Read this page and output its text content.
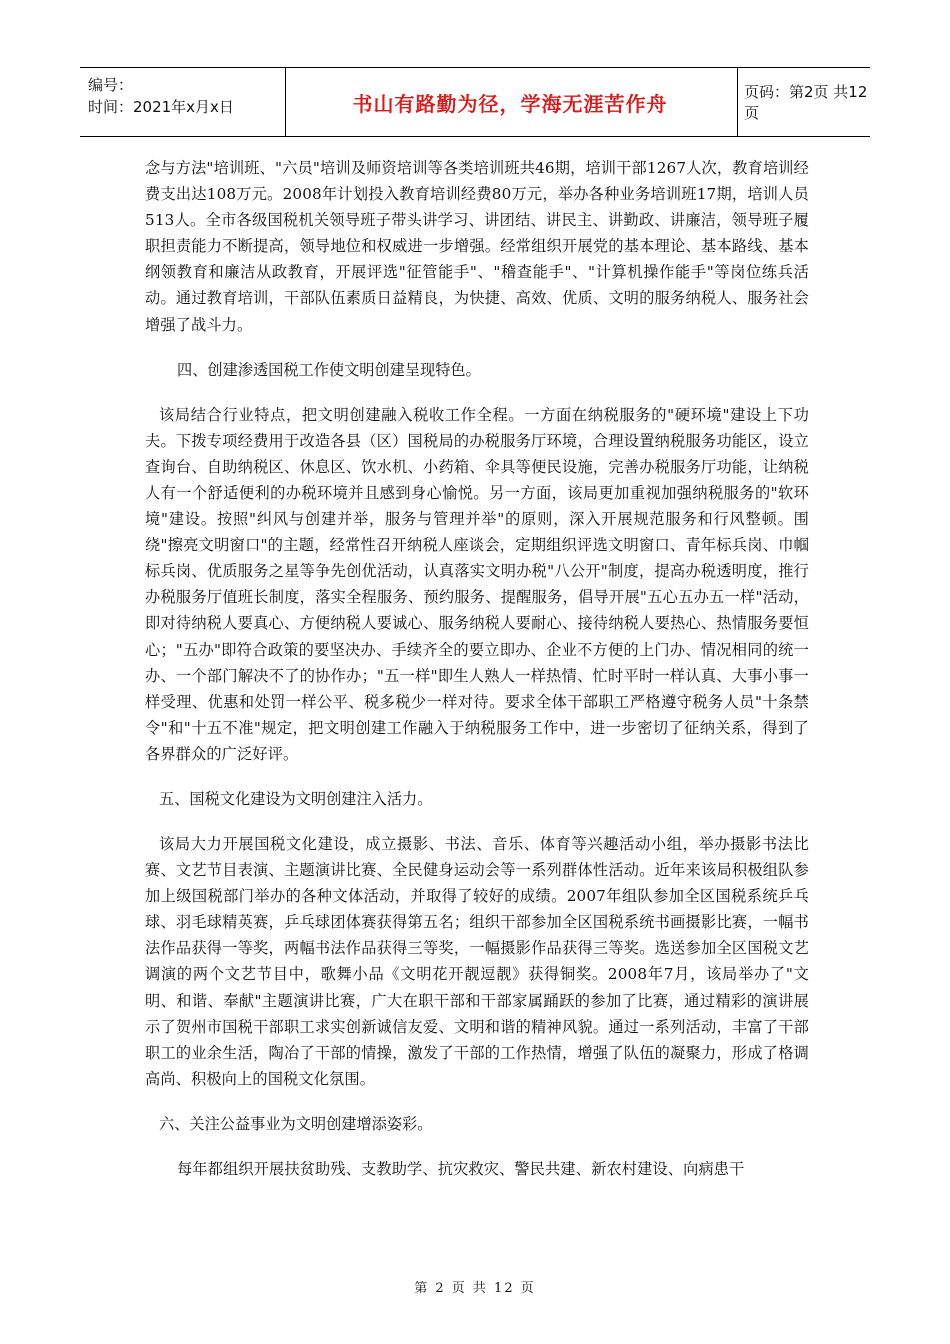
编号：
时间：2021年x月x日	书山有路勤为径，学海无涯苦作舟	页码：第2页 共12页

念与方法"培训班、"六员"培训及师资培训等各类培训班共46期，培训干部1267人次，教育培训经费支出达108万元。2008年计划投入教育培训经费80万元，举办各种业务培训班17期，培训人员513人。全市各级国税机关领导班子带头讲学习、讲团结、讲民主、讲勤政、讲廉洁，领导班子履职担责能力不断提高，领导地位和权威进一步增强。经常组织开展党的基本理论、基本路线、基本纲领教育和廉洁从政教育，开展评选"征管能手"、"稽查能手"、"计算机操作能手"等岗位练兵活动。通过教育培训，干部队伍素质日益精良，为快捷、高效、优质、文明的服务纳税人、服务社会增强了战斗力。

四、创建渗透国税工作使文明创建呈现特色。

该局结合行业特点，把文明创建融入税收工作全程。一方面在纳税服务的"硬环境"建设上下功夫。下拨专项经费用于改造各县（区）国税局的办税服务厅环境，合理设置纳税服务功能区，设立查询台、自助纳税区、休息区、饮水机、小药箱、伞具等便民设施，完善办税服务厅功能，让纳税人有一个舒适便利的办税环境并且感到身心愉悦。另一方面，该局更加重视加强纳税服务的"软环境"建设。按照"纠风与创建并举，服务与管理并举"的原则，深入开展规范服务和行风整顿。围绕"擦亮文明窗口"的主题，经常性召开纳税人座谈会，定期组织评选文明窗口、青年标兵岗、巾帼标兵岗、优质服务之星等争先创优活动，认真落实文明办税"八公开"制度，提高办税透明度，推行办税服务厅值班长制度，落实全程服务、预约服务、提醒服务，倡导开展"五心五办五一样"活动，即对待纳税人要真心、方便纳税人要诚心、服务纳税人要耐心、接待纳税人要热心、热情服务要恒心；"五办"即符合政策的要坚决办、手续齐全的要立即办、企业不方便的上门办、情况相同的统一办、一个部门解决不了的协作办；"五一样"即生人熟人一样热情、忙时平时一样认真、大事小事一样受理、优惠和处罚一样公平、税多税少一样对待。要求全体干部职工严格遵守税务人员"十条禁令"和"十五不准"规定，把文明创建工作融入于纳税服务工作中，进一步密切了征纳关系，得到了各界群众的广泛好评。

五、国税文化建设为文明创建注入活力。

该局大力开展国税文化建设，成立摄影、书法、音乐、体育等兴趣活动小组，举办摄影书法比赛、文艺节目表演、主题演讲比赛、全民健身运动会等一系列群体性活动。近年来该局积极组队参加上级国税部门举办的各种文体活动，并取得了较好的成绩。2007年组队参加全区国税系统乒乓球、羽毛球精英赛，乒乓球团体赛获得第五名；组织干部参加全区国税系统书画摄影比赛，一幅书法作品获得一等奖，两幅书法作品获得三等奖，一幅摄影作品获得三等奖。选送参加全区国税文艺调演的两个文艺节目中，歌舞小品《文明花开靓逗靓》获得铜奖。2008年7月，该局举办了"文明、和谐、奉献"主题演讲比赛，广大在职干部和干部家属踊跃的参加了比赛，通过精彩的演讲展示了贺州市国税干部职工求实创新诚信友爱、文明和谐的精神风貌。通过一系列活动，丰富了干部职工的业余生活，陶冶了干部的情操，激发了干部的工作热情，增强了队伍的凝聚力，形成了格调高尚、积极向上的国税文化氛围。

六、关注公益事业为文明创建增添姿彩。

每年都组织开展扶贫助残、支教助学、抗灾救灾、警民共建、新农村建设、向病患干

第 2 页 共 12 页
